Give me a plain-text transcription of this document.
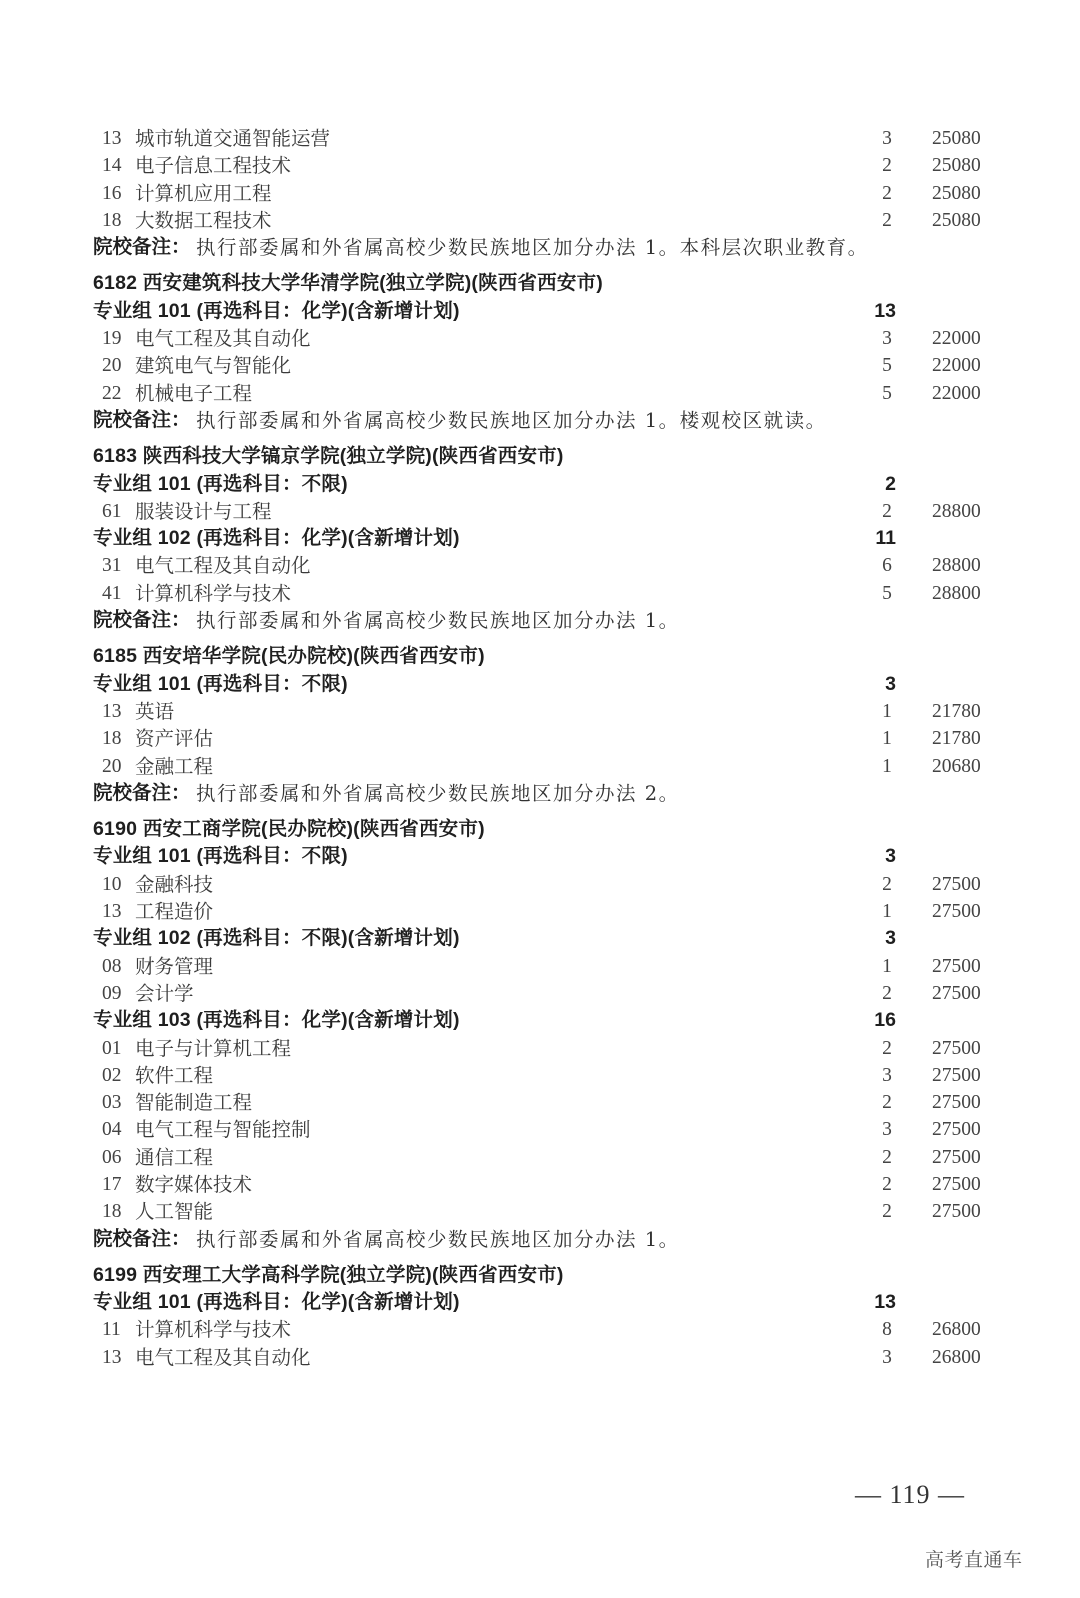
13 城市轨道交通智能运营	3 25080
14 电子信息工程技术	2 25080
16 计算机应用工程	2 25080
18 大数据工程技术	2 25080
院校备注： 执行部委属和外省属高校少数民族地区加分办法 1。本科层次职业教育。
6182 西安建筑科技大学华清学院(独立学院)(陕西省西安市)
专业组 101 (再选科目：化学)(含新增计划)	13
19 电气工程及其自动化	3 22000
20 建筑电气与智能化	5 22000
22 机械电子工程	5 22000
院校备注： 执行部委属和外省属高校少数民族地区加分办法 1。楼观校区就读。
6183 陕西科技大学镐京学院(独立学院)(陕西省西安市)
专业组 101 (再选科目：不限)	2
61 服装设计与工程	2 28800
专业组 102 (再选科目：化学)(含新增计划)	11
31 电气工程及其自动化	6 28800
41 计算机科学与技术	5 28800
院校备注： 执行部委属和外省属高校少数民族地区加分办法 1。
6185 西安培华学院(民办院校)(陕西省西安市)
专业组 101 (再选科目：不限)	3
13 英语	1 21780
18 资产评估	1 21780
20 金融工程	1 20680
院校备注： 执行部委属和外省属高校少数民族地区加分办法 2。
6190 西安工商学院(民办院校)(陕西省西安市)
专业组 101 (再选科目：不限)	3
10 金融科技	2 27500
13 工程造价	1 27500
专业组 102 (再选科目：不限)(含新增计划)	3
08 财务管理	1 27500
09 会计学	2 27500
专业组 103 (再选科目：化学)(含新增计划)	16
01 电子与计算机工程	2 27500
02 软件工程	3 27500
03 智能制造工程	2 27500
04 电气工程与智能控制	3 27500
06 通信工程	2 27500
17 数字媒体技术	2 27500
18 人工智能	2 27500
院校备注： 执行部委属和外省属高校少数民族地区加分办法 1。
6199 西安理工大学高科学院(独立学院)(陕西省西安市)
专业组 101 (再选科目：化学)(含新增计划)	13
11 计算机科学与技术	8 26800
13 电气工程及其自动化	3 26800
— 119 —
高考直通车
